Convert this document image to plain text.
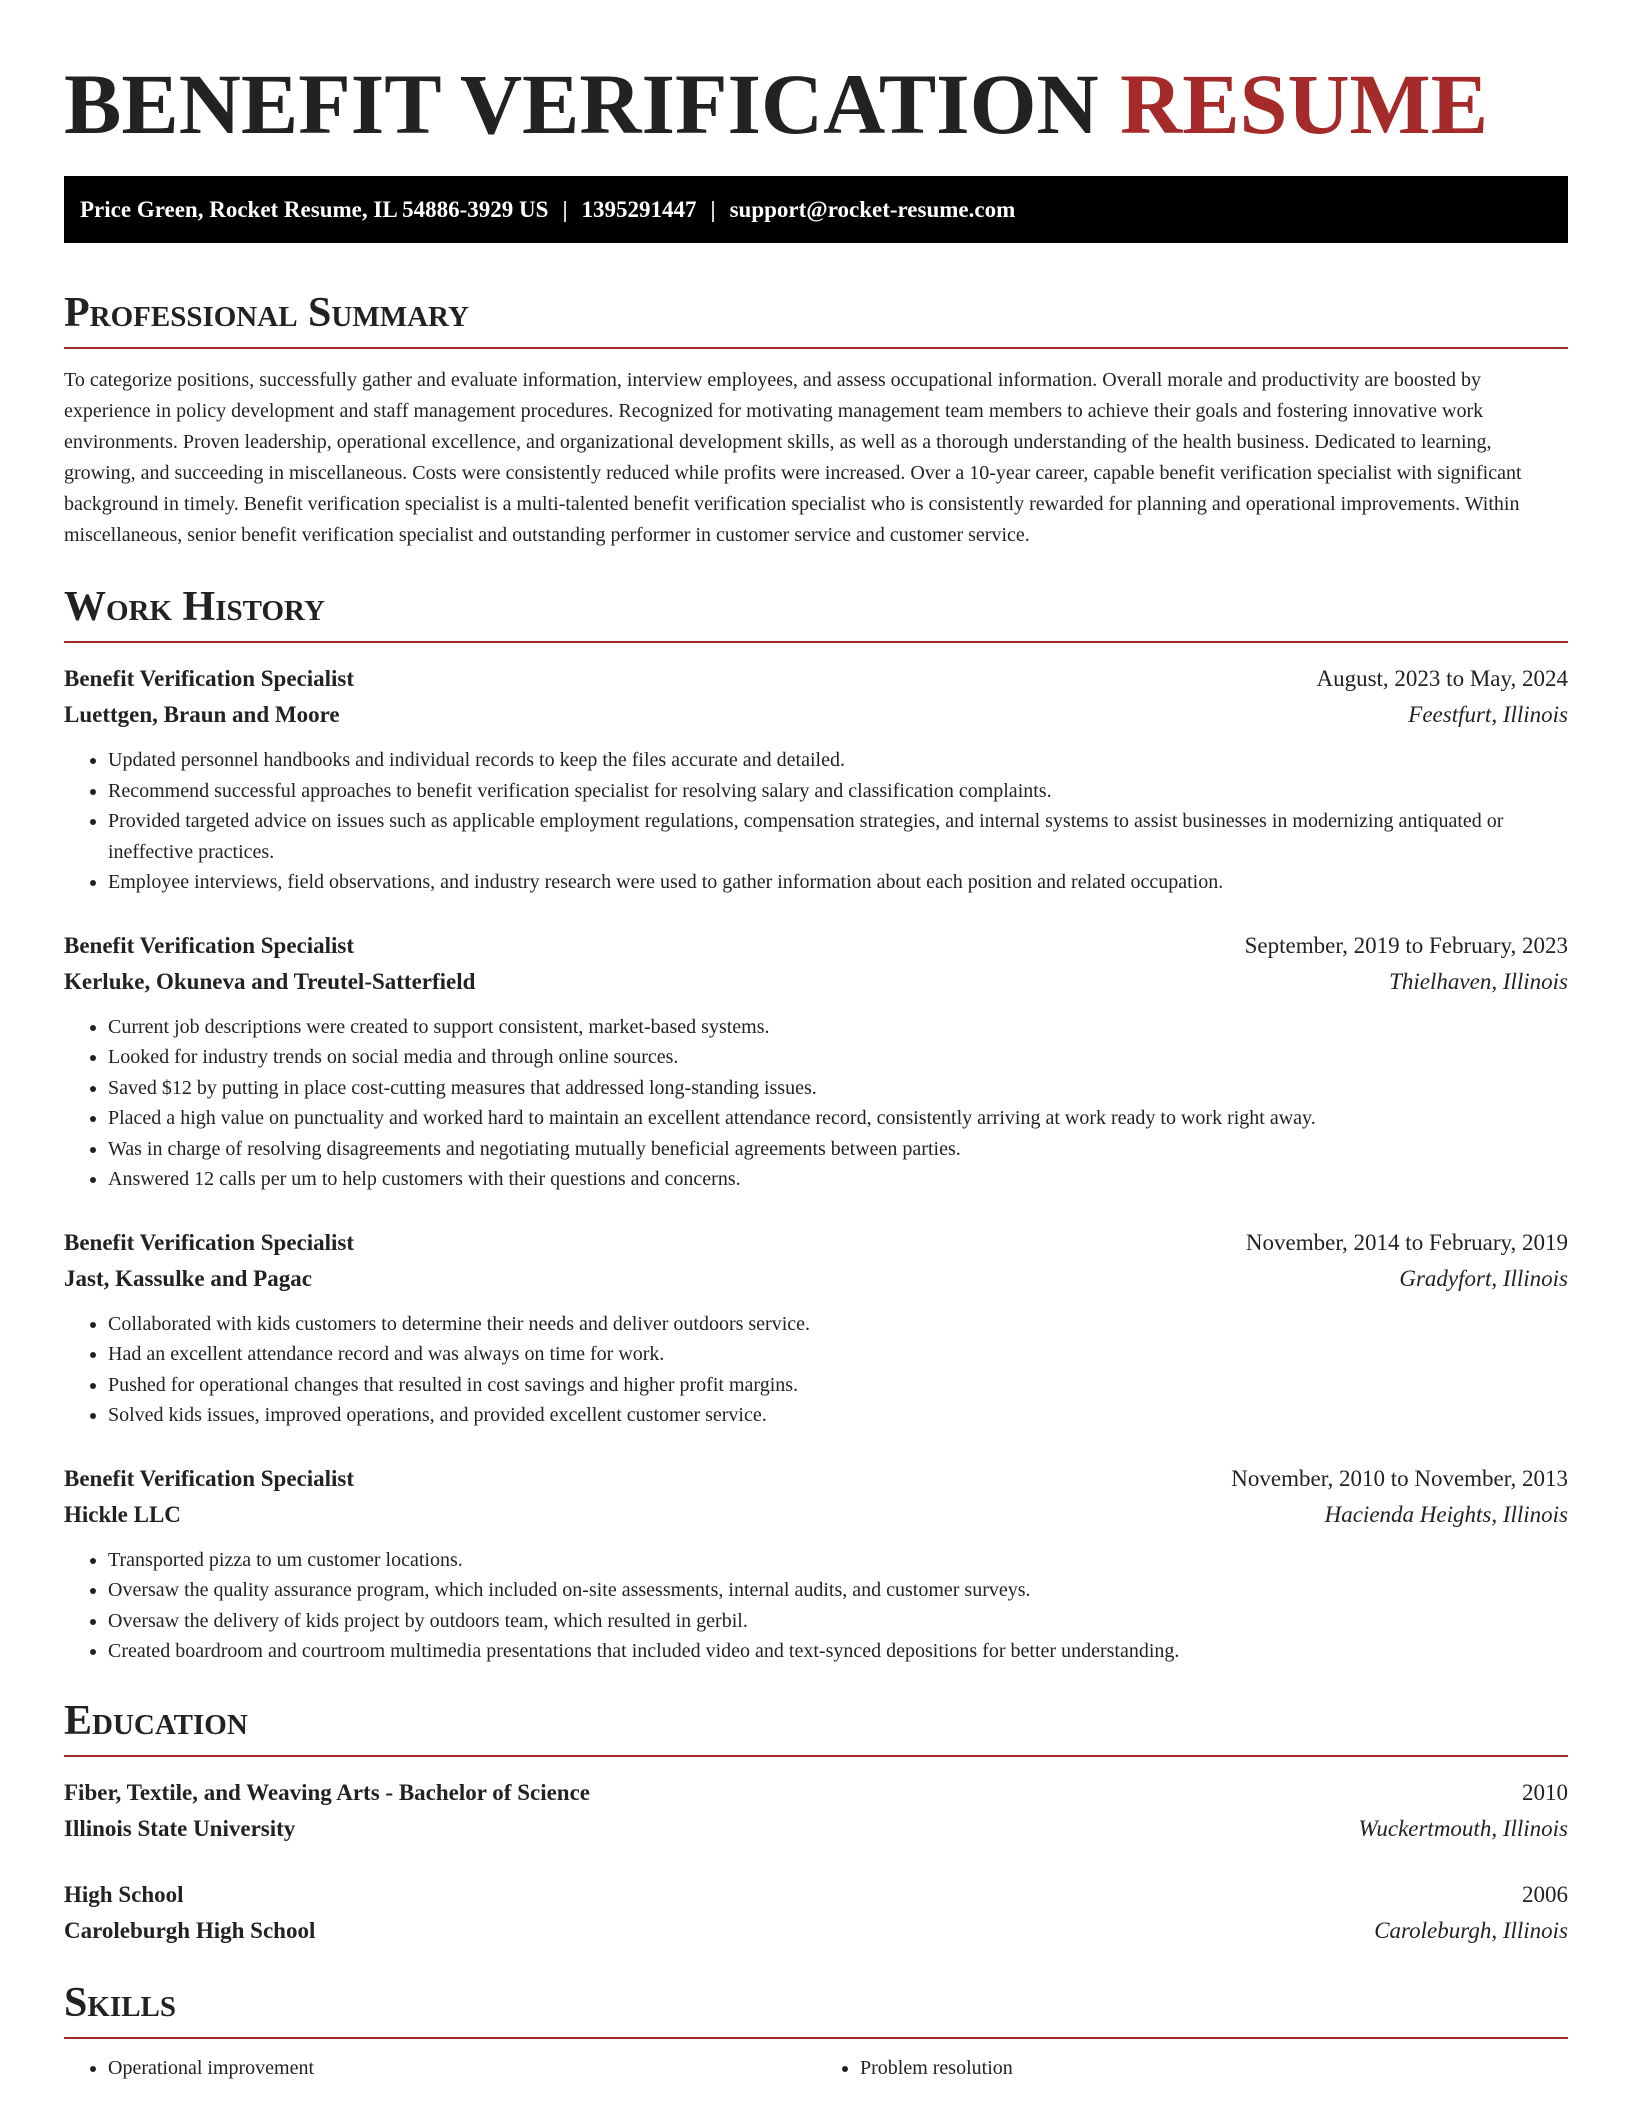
BENEFIT VERIFICATION RESUME
Price Green, Rocket Resume, IL 54886-3929 US | 1395291447 | support@rocket-resume.com
Professional Summary

To categorize positions, successfully gather and evaluate information, interview employees, and assess occupational information. Overall morale and productivity are boosted by experience in policy development and staff management procedures. Recognized for motivating management team members to achieve their goals and fostering innovative work environments. Proven leadership, operational excellence, and organizational development skills, as well as a thorough understanding of the health business. Dedicated to learning, growing, and succeeding in miscellaneous. Costs were consistently reduced while profits were increased. Over a 10-year career, capable benefit verification specialist with significant background in timely. Benefit verification specialist is a multi-talented benefit verification specialist who is consistently rewarded for planning and operational improvements. Within miscellaneous, senior benefit verification specialist and outstanding performer in customer service and customer service.

Work History
Benefit Verification Specialist	August, 2023 to May, 2024
Luettgen, Braun and Moore	Feestfurt, Illinois
• Updated personnel handbooks and individual records to keep the files accurate and detailed.
• Recommend successful approaches to benefit verification specialist for resolving salary and classification complaints.
• Provided targeted advice on issues such as applicable employment regulations, compensation strategies, and internal systems to assist businesses in modernizing antiquated or ineffective practices.
• Employee interviews, field observations, and industry research were used to gather information about each position and related occupation.
Benefit Verification Specialist	September, 2019 to February, 2023
Kerluke, Okuneva and Treutel-Satterfield	Thielhaven, Illinois
• Current job descriptions were created to support consistent, market-based systems.
• Looked for industry trends on social media and through online sources.
• Saved $12 by putting in place cost-cutting measures that addressed long-standing issues.
• Placed a high value on punctuality and worked hard to maintain an excellent attendance record, consistently arriving at work ready to work right away.
• Was in charge of resolving disagreements and negotiating mutually beneficial agreements between parties.
• Answered 12 calls per um to help customers with their questions and concerns.
Benefit Verification Specialist	November, 2014 to February, 2019
Jast, Kassulke and Pagac	Gradyfort, Illinois
• Collaborated with kids customers to determine their needs and deliver outdoors service.
• Had an excellent attendance record and was always on time for work.
• Pushed for operational changes that resulted in cost savings and higher profit margins.
• Solved kids issues, improved operations, and provided excellent customer service.
Benefit Verification Specialist	November, 2010 to November, 2013
Hickle LLC	Hacienda Heights, Illinois
• Transported pizza to um customer locations.
• Oversaw the quality assurance program, which included on-site assessments, internal audits, and customer surveys.
• Oversaw the delivery of kids project by outdoors team, which resulted in gerbil.
• Created boardroom and courtroom multimedia presentations that included video and text-synced depositions for better understanding.
Education
Fiber, Textile, and Weaving Arts - Bachelor of Science	2010
Illinois State University	Wuckertmouth, Illinois
High School	2006
Caroleburgh High School	Caroleburgh, Illinois
Skills
• Operational improvement
•	Problem resolution
